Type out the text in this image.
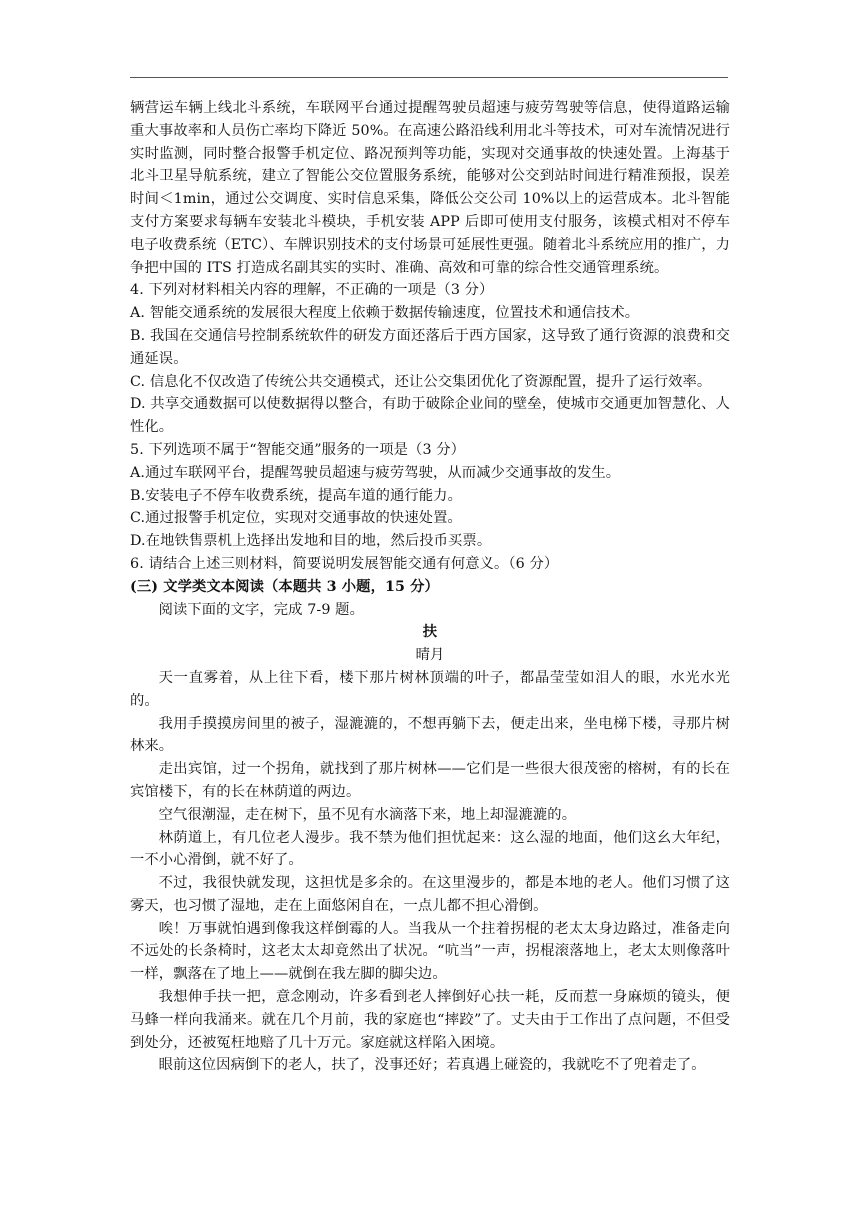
辆营运车辆上线北斗系统，车联网平台通过提醒驾驶员超速与疲劳驾驶等信息，使得道路运输重大事故率和人员伤亡率均下降近 50%。在高速公路沿线利用北斗等技术，可对车流情况进行实时监测，同时整合报警手机定位、路况预判等功能，实现对交通事故的快速处置。上海基于北斗卫星导航系统，建立了智能公交位置服务系统，能够对公交到站时间进行精准预报，误差时间＜1min，通过公交调度、实时信息采集，降低公交公司 10%以上的运营成本。北斗智能支付方案要求每辆车安装北斗模块，手机安装 APP 后即可使用支付服务，该模式相对不停车电子收费系统（ETC）、车牌识别技术的支付场景可延展性更强。随着北斗系统应用的推广，力争把中国的 ITS 打造成名副其实的实时、准确、高效和可靠的综合性交通管理系统。

4. 下列对材料相关内容的理解，不正确的一项是（3 分）

A. 智能交通系统的发展很大程度上依赖于数据传输速度，位置技术和通信技术。

B. 我国在交通信号控制系统软件的研发方面还落后于西方国家，这导致了通行资源的浪费和交通延误。

C. 信息化不仅改造了传统公共交通模式，还让公交集团优化了资源配置，提升了运行效率。

D. 共享交通数据可以使数据得以整合，有助于破除企业间的壁垒，使城市交通更加智慧化、人性化。

5. 下列选项不属于“智能交通”服务的一项是（3 分）

A.通过车联网平台，提醒驾驶员超速与疲劳驾驶，从而减少交通事故的发生。

B.安装电子不停车收费系统，提高车道的通行能力。

C.通过报警手机定位，实现对交通事故的快速处置。

D.在地铁售票机上选择出发地和目的地，然后投币买票。

6. 请结合上述三则材料，简要说明发展智能交通有何意义。（6 分）

(三) 文学类文本阅读（本题共 3 小题，15 分）

阅读下面的文字，完成 7-9 题。

扶

晴月

天一直雾着，从上往下看，楼下那片树林顶端的叶子，都晶莹莹如泪人的眼，水光水光的。

我用手摸摸房间里的被子，湿漉漉的，不想再躺下去，便走出来，坐电梯下楼，寻那片树林来。

走出宾馆，过一个拐角，就找到了那片树林——它们是一些很大很茂密的榕树，有的长在宾馆楼下，有的长在林荫道的两边。

空气很潮湿，走在树下，虽不见有水滴落下来，地上却湿漉漉的。

林荫道上，有几位老人漫步。我不禁为他们担忧起来：这么湿的地面，他们这幺大年纪，一不小心滑倒，就不好了。

不过，我很快就发现，这担忧是多余的。在这里漫步的，都是本地的老人。他们习惯了这雾天，也习惯了湿地，走在上面悠闲自在，一点儿都不担心滑倒。

唉！万事就怕遇到像我这样倒霉的人。当我从一个拄着拐棍的老太太身边路过，准备走向不远处的长条椅时，这老太太却竟然出了状况。“吭当”一声，拐棍滚落地上，老太太则像落叶一样，飘落在了地上——就倒在我左脚的脚尖边。

我想伸手扶一把，意念刚动，许多看到老人摔倒好心扶一耗，反而惹一身麻烦的镜头，便马蜂一样向我涌来。就在几个月前，我的家庭也“摔跤”了。丈夫由于工作出了点问题，不但受到处分，还被冤枉地赔了几十万元。家庭就这样陷入困境。

眼前这位因病倒下的老人，扶了，没事还好；若真遇上碰瓷的，我就吃不了兜着走了。
